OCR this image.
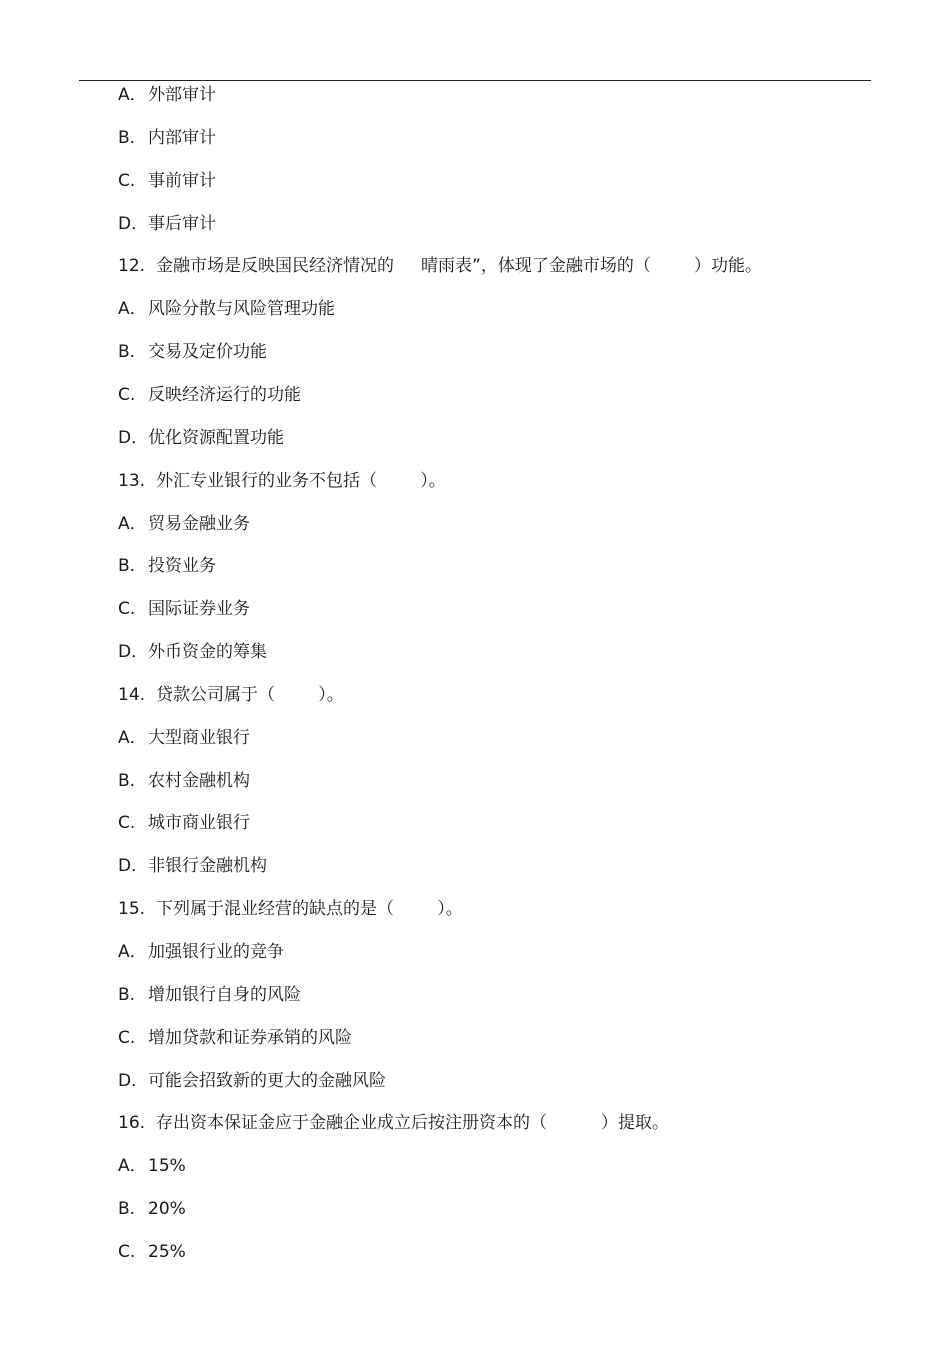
A．外部审计
B. 内部审计
C. 事前审计
D．事后审计
12. 金融市场是反映国民经济情况的     晴雨表”，体现了金融市场的（        ）功能。
A．风险分散与风险管理功能
B. 交易及定价功能
C. 反映经济运行的功能
D．优化资源配置功能
13. 外汇专业银行的业务不包括（        ）。
A．贸易金融业务
B. 投资业务
C. 国际证券业务
D．外币资金的筹集
14. 贷款公司属于（        ）。
A．大型商业银行
B. 农村金融机构
C. 城市商业银行
D．非银行金融机构
15. 下列属于混业经营的缺点的是（        ）。
A．加强银行业的竞争
B. 增加银行自身的风险
C. 增加贷款和证券承销的风险
D．可能会招致新的更大的金融风险
16. 存出资本保证金应于金融企业成立后按注册资本的（          ）提取。
A．15%
B. 20%
C. 25%
